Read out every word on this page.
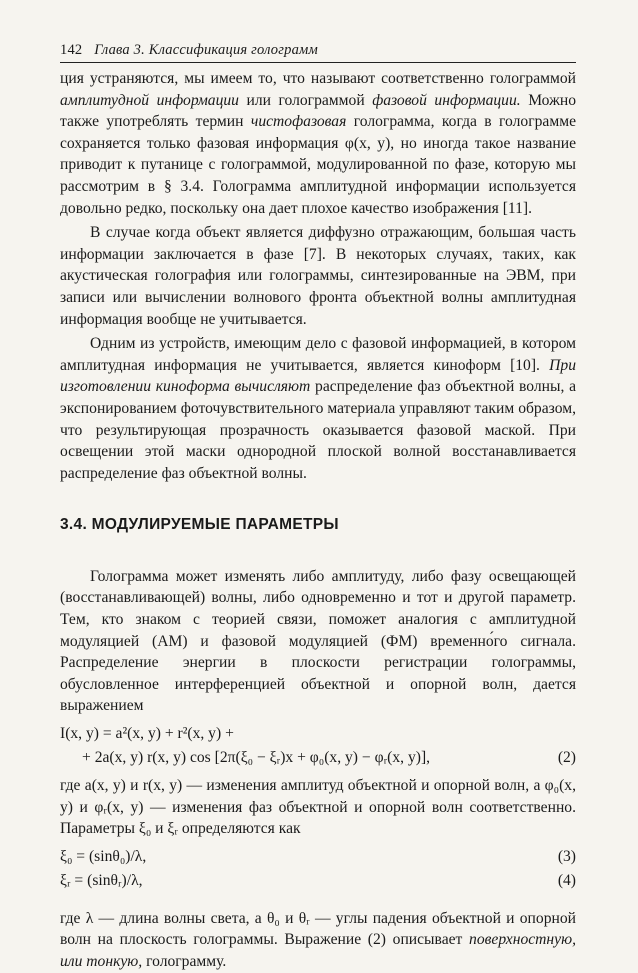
142 Глава 3. Классификация голограмм

ция устраняются, мы имеем то, что называют соответственно голограммой амплитудной информации или голограммой фазовой информации. Можно также употреблять термин чистофазовая голограмма, когда в голограмме сохраняется только фазовая информация φ(x, y), но иногда такое название приводит к путанице с голограммой, модулированной по фазе, которую мы рассмотрим в § 3.4. Голограмма амплитудной информации используется довольно редко, поскольку она дает плохое качество изображения [11].

В случае когда объект является диффузно отражающим, большая часть информации заключается в фазе [7]. В некоторых случаях, таких, как акустическая голография или голограммы, синтезированные на ЭВМ, при записи или вычислении волнового фронта объектной волны амплитудная информация вообще не учитывается.

Одним из устройств, имеющим дело с фазовой информацией, в котором амплитудная информация не учитывается, является киноформ [10]. При изготовлении киноформа вычисляют распределение фаз объектной волны, а экспонированием фоточувствительного материала управляют таким образом, что результирующая прозрачность оказывается фазовой маской. При освещении этой маски однородной плоской волной восстанавливается распределение фаз объектной волны.

3.4. МОДУЛИРУЕМЫЕ ПАРАМЕТРЫ

Голограмма может изменять либо амплитуду, либо фазу освещающей (восстанавливающей) волны, либо одновременно и тот и другой параметр. Тем, кто знаком с теорией связи, поможет аналогия с амплитудной модуляцией (АМ) и фазовой модуляцией (ФМ) временно́го сигнала. Распределение энергии в плоскости регистрации голограммы, обусловленное интерференцией объектной и опорной волн, дается выражением

I(x, y) = a²(x, y) + r²(x, y) +
+ 2a(x, y) r(x, y) cos [2π(ξ₀ − ξᵣ)x + φ₀(x, y) − φᵣ(x, y)],	(2)

где a(x, y) и r(x, y) — изменения амплитуд объектной и опорной волн, а φ₀(x, y) и φᵣ(x, y) — изменения фаз объектной и опорной волн соответственно. Параметры ξ₀ и ξᵣ определяются как

ξ₀ = (sinθ₀)/λ,	(3)
ξᵣ = (sinθᵣ)/λ,	(4)

где λ — длина волны света, а θ₀ и θᵣ — углы падения объектной и опорной волн на плоскость голограммы. Выражение (2) описывает поверхностную, или тонкую, голограмму.
